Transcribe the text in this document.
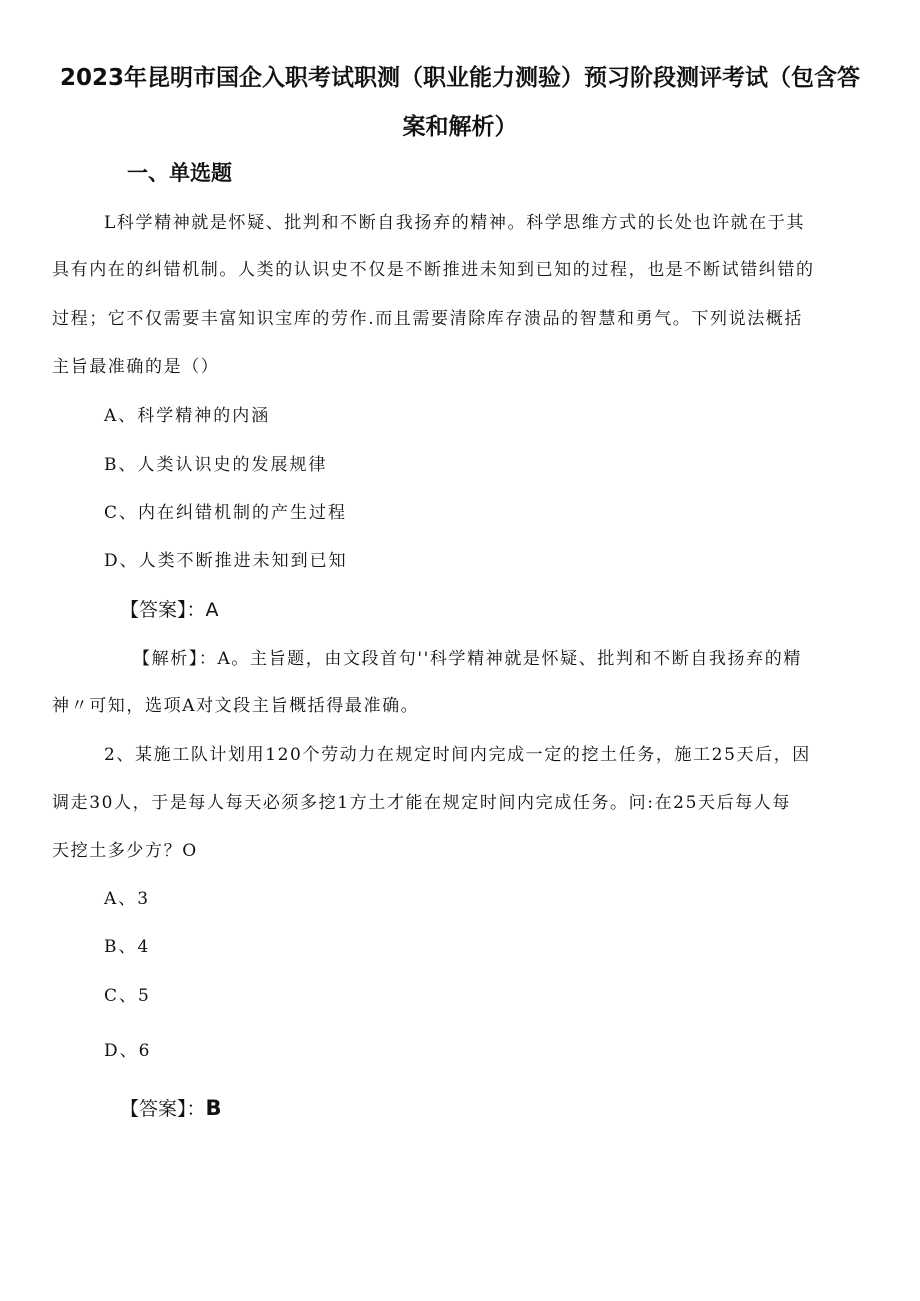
2023年昆明市国企入职考试职测（职业能力测验）预习阶段测评考试（包含答
案和解析）
一、单选题
L科学精神就是怀疑、批判和不断自我扬弃的精神。科学思维方式的长处也许就在于其
具有内在的纠错机制。人类的认识史不仅是不断推进未知到已知的过程，也是不断试错纠错的
过程；它不仅需要丰富知识宝库的劳作.而且需要清除库存溃品的智慧和勇气。下列说法概括
主旨最准确的是（）
A、科学精神的内涵
B、人类认识史的发展规律
C、内在纠错机制的产生过程
D、人类不断推进未知到已知
【答案】：A
【解析】：A。主旨题，由文段首句''科学精神就是怀疑、批判和不断自我扬弃的精
神〃可知，选项A对文段主旨概括得最准确。
2、某施工队计划用120个劳动力在规定时间内完成一定的挖土任务，施工25天后，因
调走30人，于是每人每天必须多挖1方土才能在规定时间内完成任务。问:在25天后每人每
天挖土多少方？O
A、3
B、4
C、5
D、6
【答案】：B
